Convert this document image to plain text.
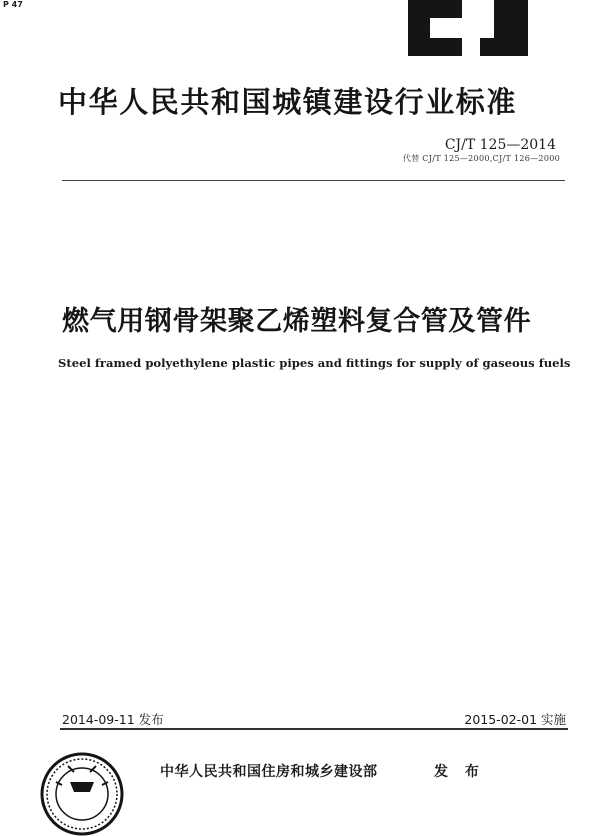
P 47
中华人民共和国城镇建设行业标准
CJ/T 125—2014
代替 CJ/T 125—2000,CJ/T 126—2000
燃气用钢骨架聚乙烯塑料复合管及管件
Steel framed polyethylene plastic pipes and fittings for supply of gaseous fuels
2014-09-11 发布	2015-02-01 实施
中华人民共和国住房和城乡建设部	发 布
